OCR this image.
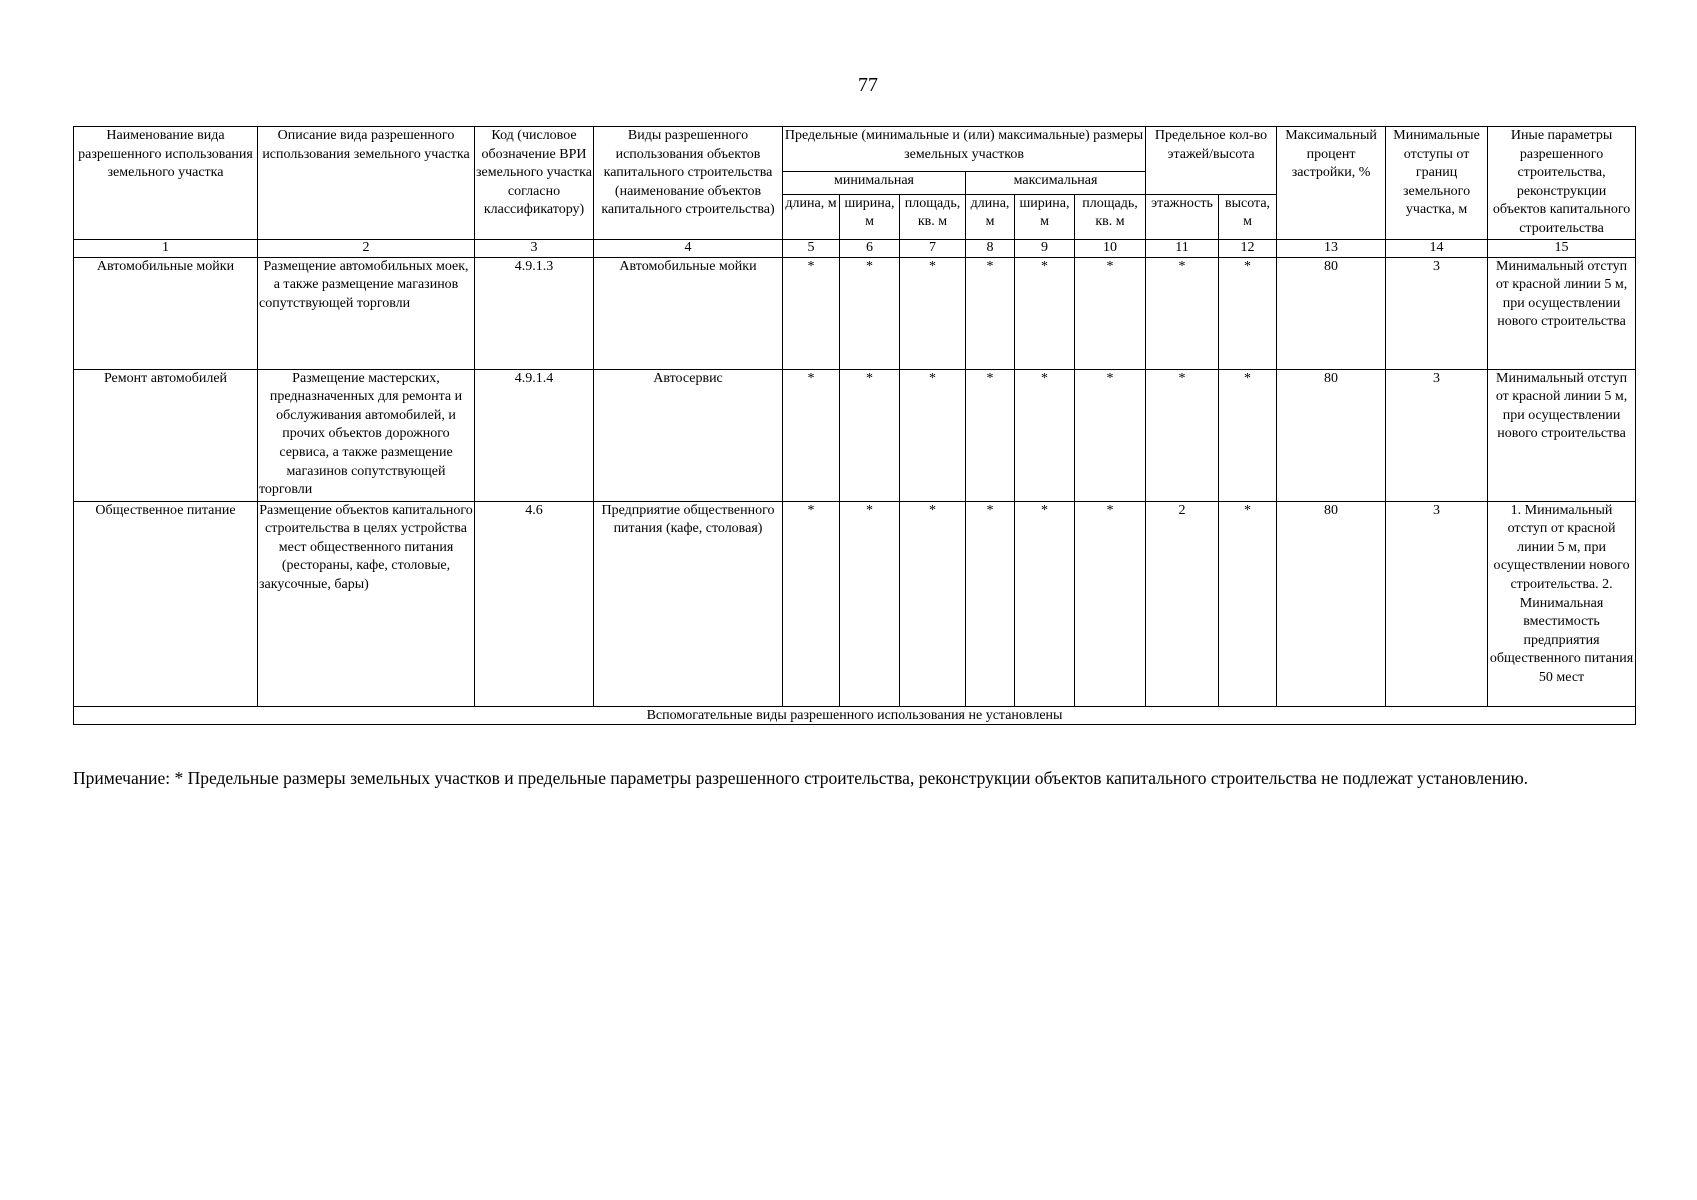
77
Наименование вида разрешенного использования земельного участка	Описание вида разрешенного использования земельного участка	Код (числовое обозначение ВРИ земельного участка согласно классификатору)	Виды разрешенного использования объектов капитального строительства (наименование объектов капитального строительства)	Предельные (минимальные и (или) максимальные) размеры земельных участков						Предельное кол-во этажей/высота		Максимальный процент застройки, %	Минимальные отступы от границ земельного участка, м	Иные параметры разрешенного строительства, реконструкции объектов капитального строительства
				минимальная			максимальная							
				длина, м	ширина, м	площадь, кв. м	длина, м	ширина, м	площадь, кв. м	этажность	высота, м			
1	2	3	4	5	6	7	8	9	10	11	12	13	14	15
Автомобильные мойки	Размещение автомобильных моек, а также размещение магазинов сопутствующей торговли	4.9.1.3	Автомобильные мойки	*	*	*	*	*	*	*	*	80	3	Минимальный отступ от красной линии 5 м, при осуществлении нового строительства
Ремонт автомобилей	Размещение мастерских, предназначенных для ремонта и обслуживания автомобилей, и прочих объектов дорожного сервиса, а также размещение магазинов сопутствующей торговли	4.9.1.4	Автосервис	*	*	*	*	*	*	*	*	80	3	Минимальный отступ от красной линии 5 м, при осуществлении нового строительства
Общественное питание	Размещение объектов капитального строительства в целях устройства мест общественного питания (рестораны, кафе, столовые, закусочные, бары)	4.6	Предприятие общественного питания (кафе, столовая)	*	*	*	*	*	*	2	*	80	3	1. Минимальный отступ от красной линии 5 м, при осуществлении нового строительства. 2. Минимальная вместимость предприятия общественного питания 50 мест
Вспомогательные виды разрешенного использования не установлены														
Примечание: * Предельные размеры земельных участков и предельные параметры разрешенного строительства, реконструкции объектов капитального строительства не подлежат установлению.
